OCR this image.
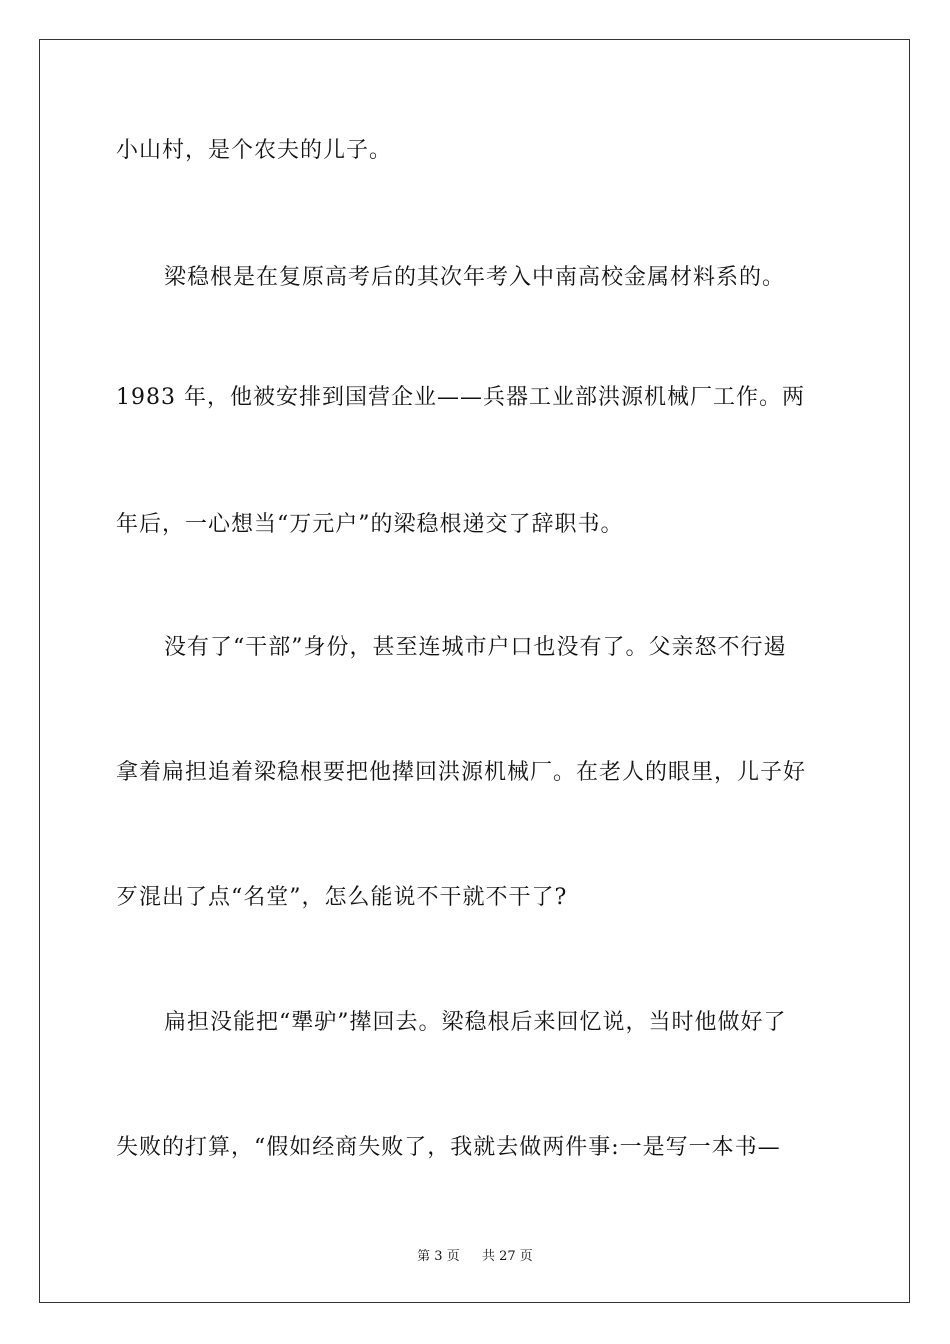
小山村，是个农夫的儿子。
梁稳根是在复原高考后的其次年考入中南高校金属材料系的。
1983 年，他被安排到国营企业——兵器工业部洪源机械厂工作。两
年后，一心想当“万元户”的梁稳根递交了辞职书。
没有了“干部”身份，甚至连城市户口也没有了。父亲怒不行遏
拿着扁担追着梁稳根要把他撵回洪源机械厂。在老人的眼里，儿子好
歹混出了点“名堂”，怎么能说不干就不干了?
扁担没能把“犟驴”撵回去。梁稳根后来回忆说，当时他做好了
失败的打算，“假如经商失败了，我就去做两件事:一是写一本书—
第 3 页 共 27 页
